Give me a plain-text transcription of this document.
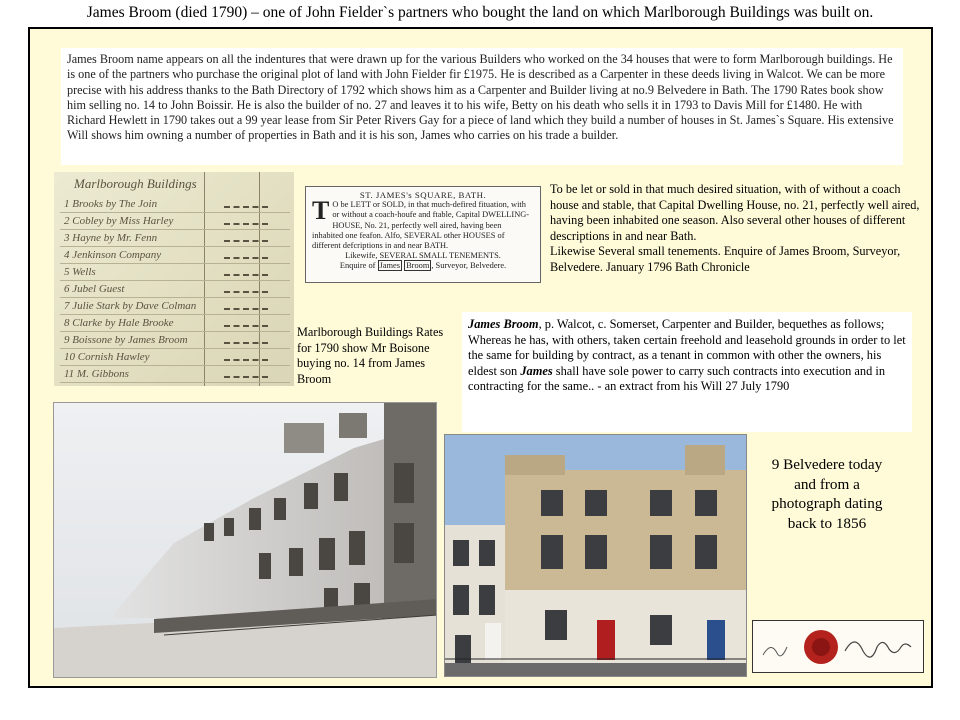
James Broom (died 1790) – one of John Fielder`s partners who bought the land on which Marlborough Buildings was built on.
James Broom name appears on all the indentures that were drawn up for the various Builders who worked on the 34 houses that were to form Marlborough buildings. He is one of the partners who purchase the original plot of land with John Fielder fir £1975. He is described as a Carpenter in these deeds living in Walcot. We can be more precise with his address thanks to the Bath Directory of 1792 which shows him as a Carpenter and Builder living at no.9 Belvedere in Bath. The 1790 Rates book show him selling no. 14 to John Boissir. He is also the builder of no. 27 and leaves it to his wife, Betty on his death who sells it in 1793 to Davis Mill for £1480. He with Richard Hewlett in 1790 takes out a 99 year lease from Sir Peter Rivers Gay for a piece of land which they build a number of houses in St. James`s Square. His extensive Will shows him owning a number of properties in Bath and it is his son, James who carries on his trade a builder.
Marlborough Buildings
1 Brooks by The Join
2 Cobley by Miss Harley
3 Hayne by Mr. Fenn
4 Jenkinson Company
5 Wells
6 Jubel Guest
7 Julie Stark by Dave Colman
8 Clarke by Hale Brooke
9 Boissone by James Broom
10 Cornish Hawley
11 M. Gibbons
Marlborough Buildings Rates for 1790 show Mr Boisone buying no. 14 from James Broom
ST. JAMES's SQUARE, BATH.
T O be LETT or SOLD, in that much-defired fituation, with or without a coach-houfe and ftable, Capital DWELLING-HOUSE, No. 21, perfectly well aired, having been inhabited one feafon. Alfo, SEVERAL other HOUSES of different defcriptions in and near BATH.
Likewife, SEVERAL SMALL TENEMENTS.
Enquire of James Broom , Surveyor, Belvedere.
To be let or sold in that much desired situation, with of without a coach house and stable, that Capital Dwelling House, no. 21, perfectly well aired, having been inhabited one season. Also several other houses of different descriptions in and near Bath.
Likewise Several small tenements. Enquire of James Broom, Surveyor, Belvedere. January 1796 Bath Chronicle
James Broom, p. Walcot, c. Somerset, Carpenter and Builder, bequethes as follows;
Whereas he has, with others, taken certain freehold and leasehold grounds in order to let the same for building by contract, as a tenant in common with other the owners, his eldest son James shall have sole power to carry such contracts into execution and in contracting for the same.. - an extract from his Will 27 July 1790
9 Belvedere today and from a photograph dating back to 1856
